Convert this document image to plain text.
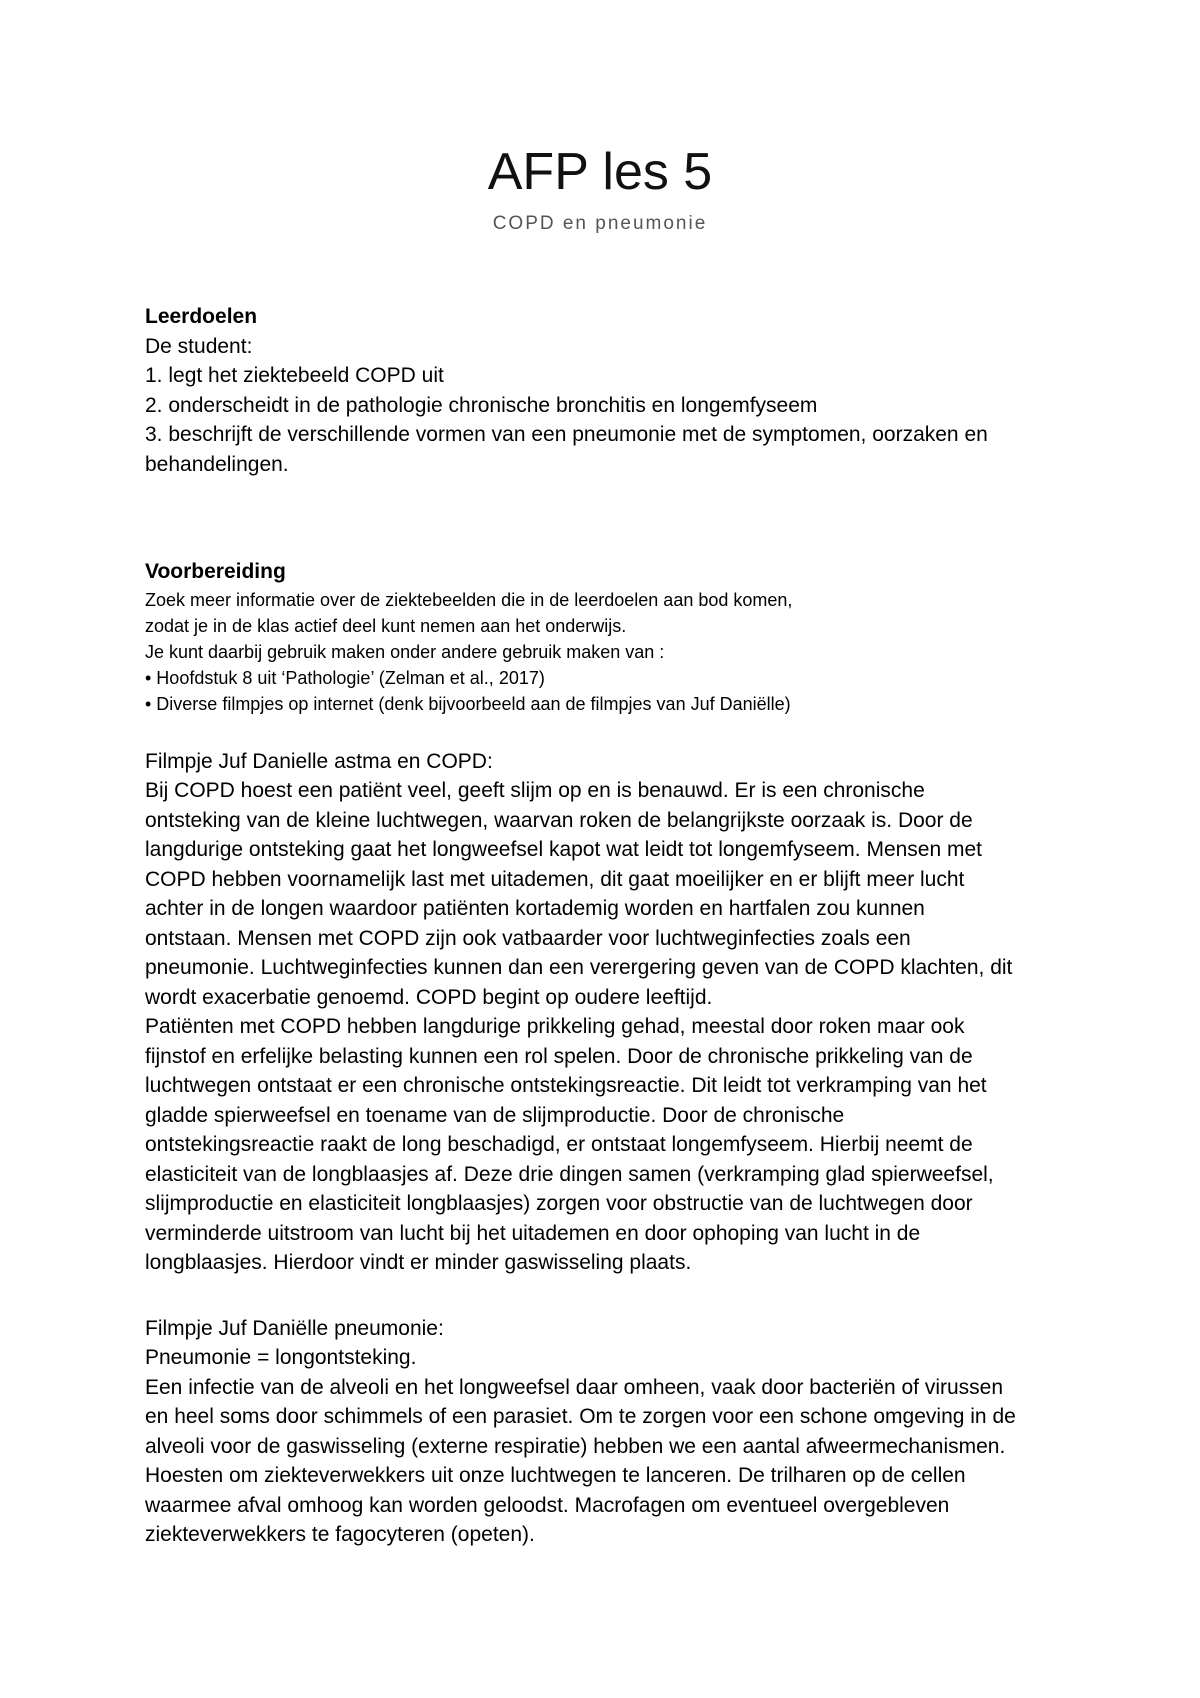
AFP les 5
COPD en pneumonie
Leerdoelen
De student:
1. legt het ziektebeeld COPD uit
2. onderscheidt in de pathologie chronische bronchitis en longemfyseem
3. beschrijft de verschillende vormen van een pneumonie met de symptomen, oorzaken en
behandelingen.
Voorbereiding
Zoek meer informatie over de ziektebeelden die in de leerdoelen aan bod komen,
zodat je in de klas actief deel kunt nemen aan het onderwijs.
Je kunt daarbij gebruik maken onder andere gebruik maken van :
• Hoofdstuk 8 uit ‘Pathologie’ (Zelman et al., 2017)
• Diverse filmpjes op internet (denk bijvoorbeeld aan de filmpjes van Juf Daniëlle)
Filmpje Juf Danielle astma en COPD:
Bij COPD hoest een patiënt veel, geeft slijm op en is benauwd. Er is een chronische
ontsteking van de kleine luchtwegen, waarvan roken de belangrijkste oorzaak is. Door de
langdurige ontsteking gaat het longweefsel kapot wat leidt tot longemfyseem. Mensen met
COPD hebben voornamelijk last met uitademen, dit gaat moeilijker en er blijft meer lucht
achter in de longen waardoor patiënten kortademig worden en hartfalen zou kunnen
ontstaan. Mensen met COPD zijn ook vatbaarder voor luchtweginfecties zoals een
pneumonie. Luchtweginfecties kunnen dan een verergering geven van de COPD klachten, dit
wordt exacerbatie genoemd. COPD begint op oudere leeftijd.
Patiënten met COPD hebben langdurige prikkeling gehad, meestal door roken maar ook
fijnstof en erfelijke belasting kunnen een rol spelen. Door de chronische prikkeling van de
luchtwegen ontstaat er een chronische ontstekingsreactie. Dit leidt tot verkramping van het
gladde spierweefsel en toename van de slijmproductie. Door de chronische
ontstekingsreactie raakt de long beschadigd, er ontstaat longemfyseem. Hierbij neemt de
elasticiteit van de longblaasjes af. Deze drie dingen samen (verkramping glad spierweefsel,
slijmproductie en elasticiteit longblaasjes) zorgen voor obstructie van de luchtwegen door
verminderde uitstroom van lucht bij het uitademen en door ophoping van lucht in de
longblaasjes. Hierdoor vindt er minder gaswisseling plaats.
Filmpje Juf Daniëlle pneumonie:
Pneumonie = longontsteking.
Een infectie van de alveoli en het longweefsel daar omheen, vaak door bacteriën of virussen
en heel soms door schimmels of een parasiet. Om te zorgen voor een schone omgeving in de
alveoli voor de gaswisseling (externe respiratie) hebben we een aantal afweermechanismen.
Hoesten om ziekteverwekkers uit onze luchtwegen te lanceren. De trilharen op de cellen
waarmee afval omhoog kan worden geloodst. Macrofagen om eventueel overgebleven
ziekteverwekkers te fagocyteren (opeten).
